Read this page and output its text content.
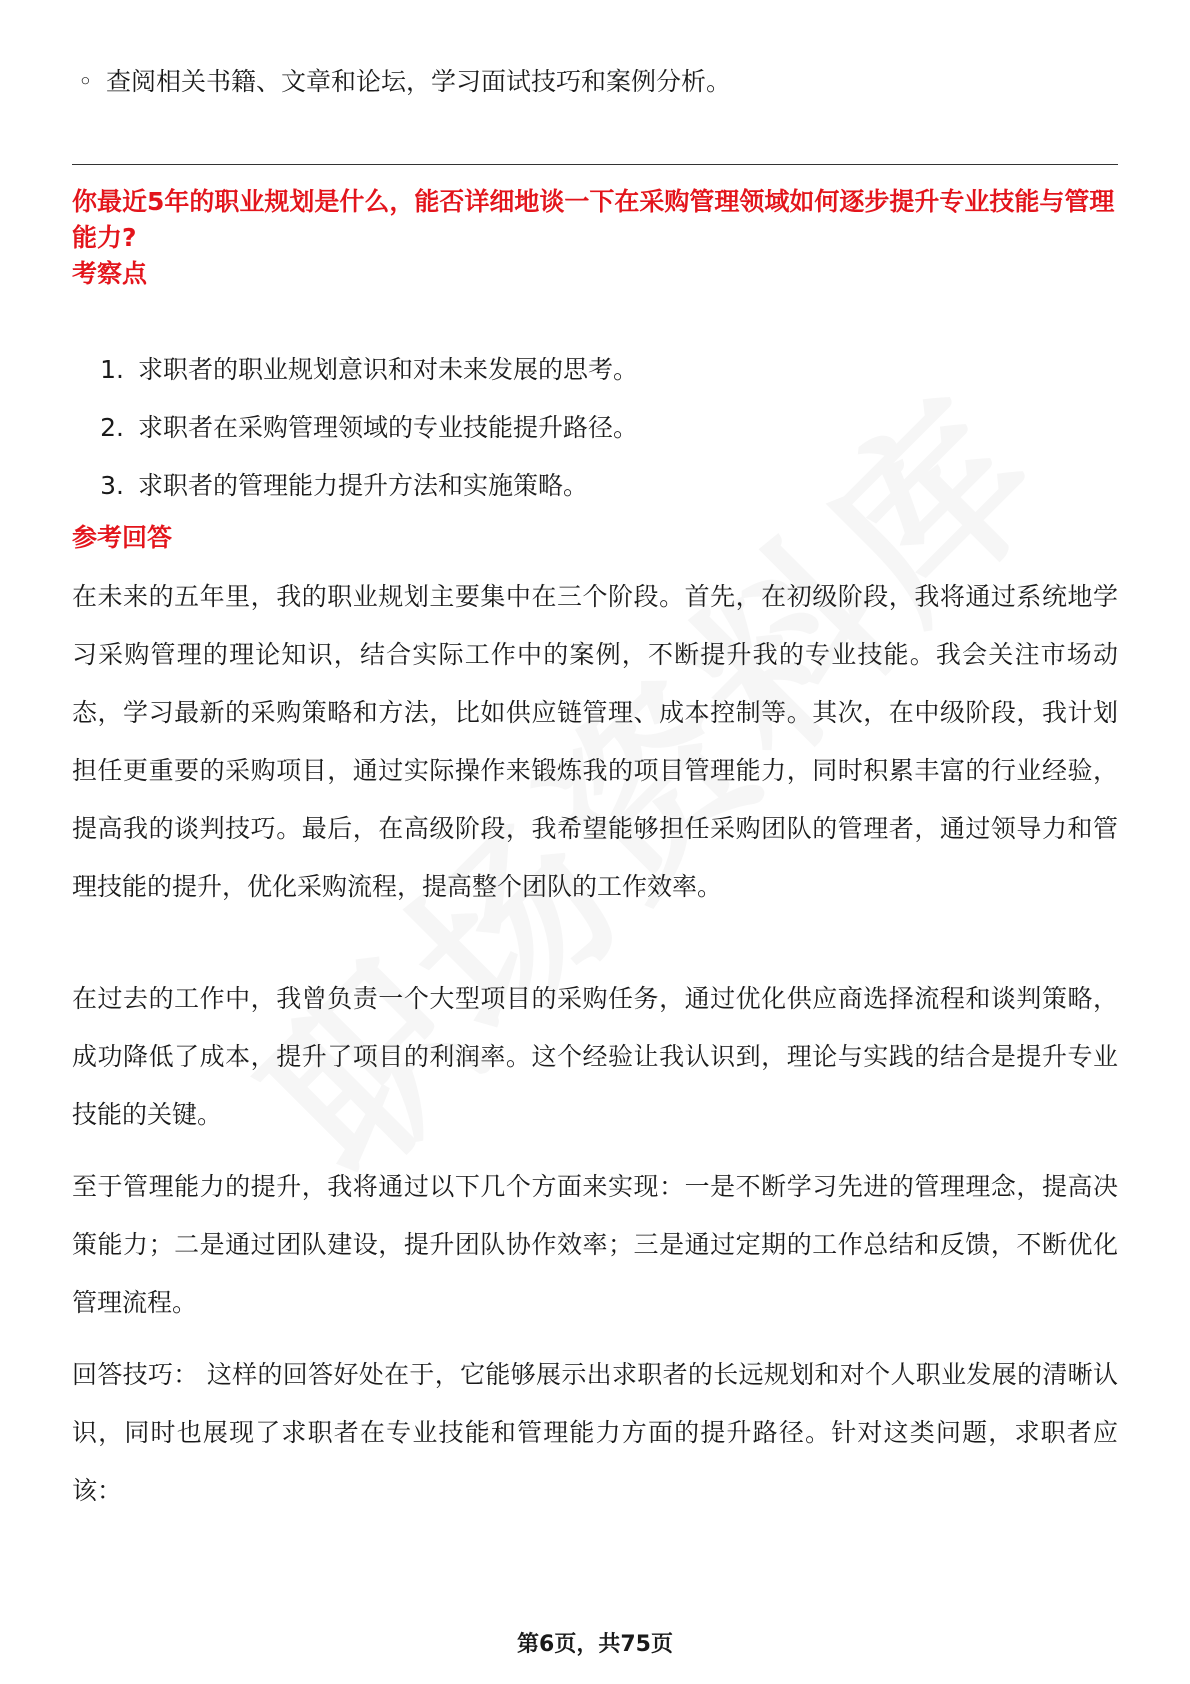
◦ 查阅相关书籍、文章和论坛，学习面试技巧和案例分析。
你最近5年的职业规划是什么，能否详细地谈一下在采购管理领域如何逐步提升专业技能与管理能力?
考察点
1. 求职者的职业规划意识和对未来发展的思考。
2. 求职者在采购管理领域的专业技能提升路径。
3. 求职者的管理能力提升方法和实施策略。
参考回答

在未来的五年里，我的职业规划主要集中在三个阶段。首先，在初级阶段，我将通过系统地学习采购管理的理论知识，结合实际工作中的案例，不断提升我的专业技能。我会关注市场动态，学习最新的采购策略和方法，比如供应链管理、成本控制等。其次，在中级阶段，我计划担任更重要的采购项目，通过实际操作来锻炼我的项目管理能力，同时积累丰富的行业经验，提高我的谈判技巧。最后，在高级阶段，我希望能够担任采购团队的管理者，通过领导力和管理技能的提升，优化采购流程，提高整个团队的工作效率。

在过去的工作中，我曾负责一个大型项目的采购任务，通过优化供应商选择流程和谈判策略，成功降低了成本，提升了项目的利润率。这个经验让我认识到，理论与实践的结合是提升专业技能的关键。

至于管理能力的提升，我将通过以下几个方面来实现：一是不断学习先进的管理理念，提高决策能力；二是通过团队建设，提升团队协作效率；三是通过定期的工作总结和反馈，不断优化管理流程。

回答技巧： 这样的回答好处在于，它能够展示出求职者的长远规划和对个人职业发展的清晰认识，同时也展现了求职者在专业技能和管理能力方面的提升路径。针对这类问题，求职者应该：

第6页，共75页
